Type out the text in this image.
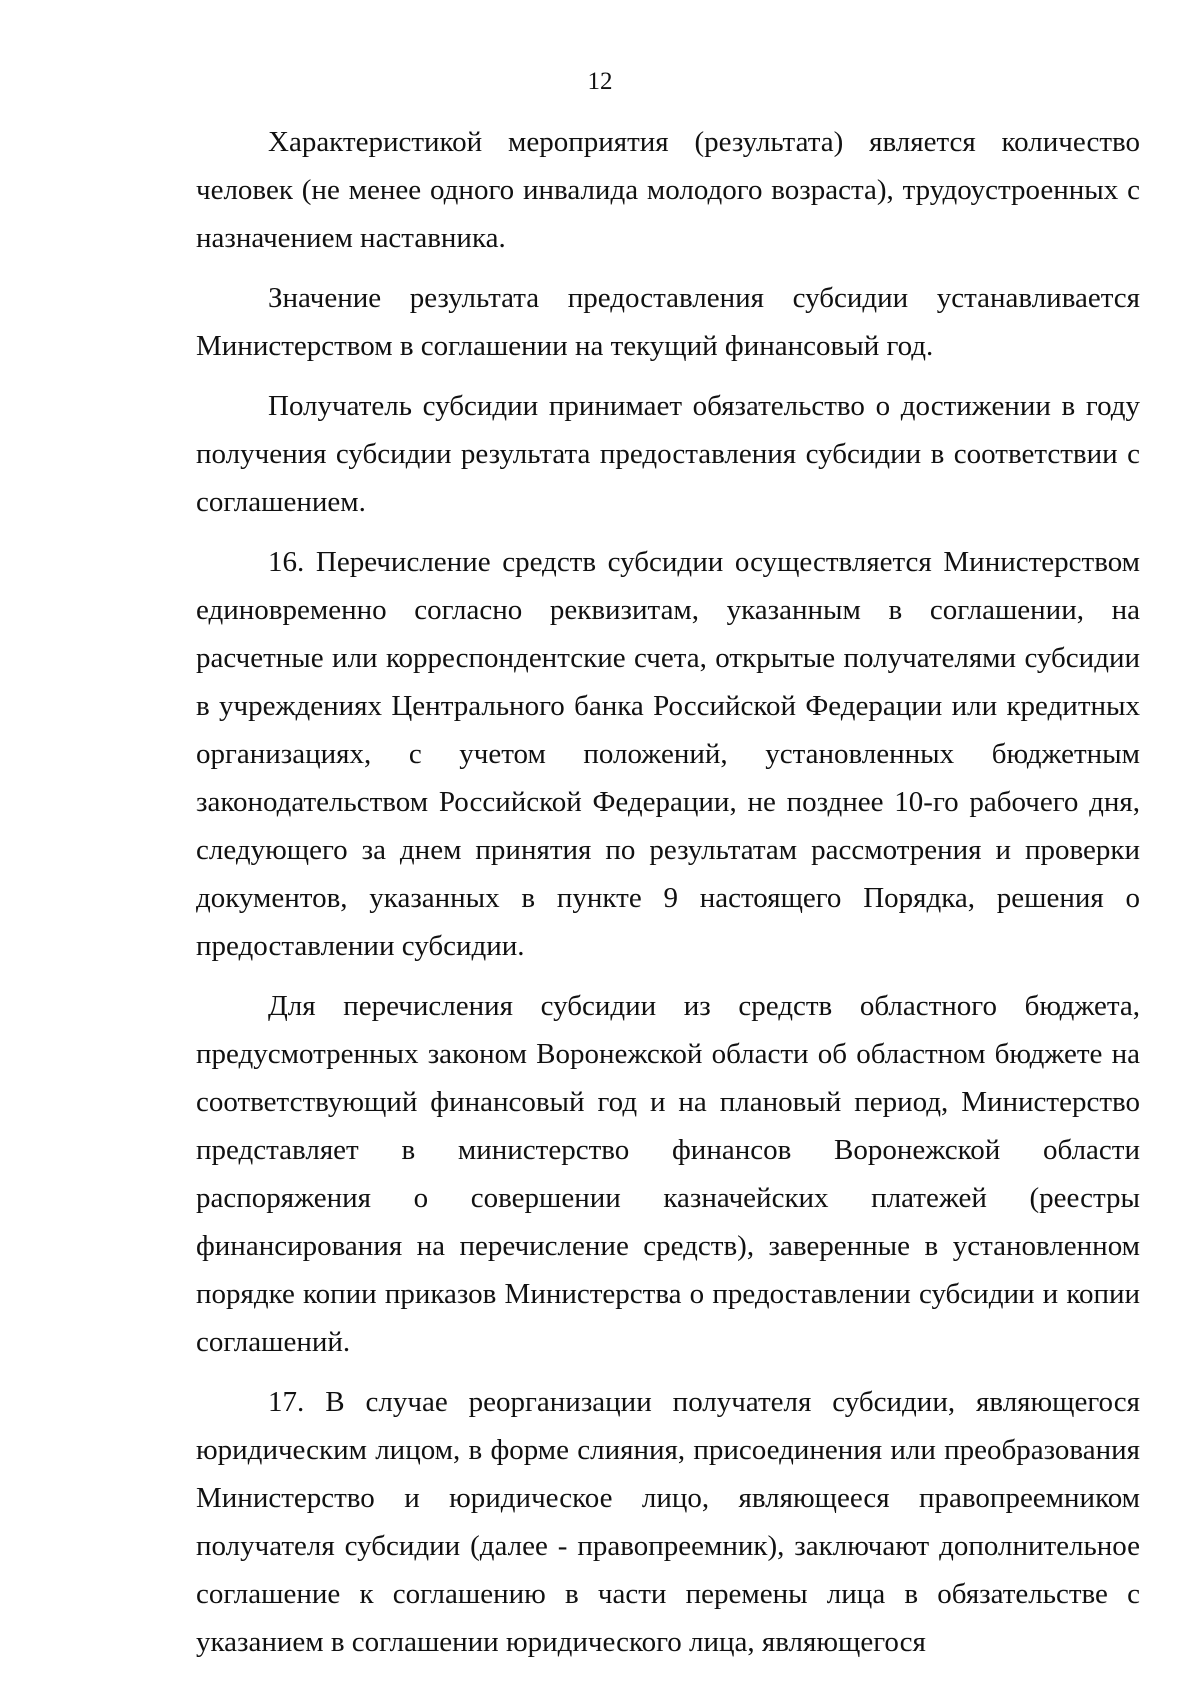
12

Характеристикой мероприятия (результата) является количество человек (не менее одного инвалида молодого возраста), трудоустроенных с назначением наставника.

Значение результата предоставления субсидии устанавливается Министерством в соглашении на текущий финансовый год.

Получатель субсидии принимает обязательство о достижении в году получения субсидии результата предоставления субсидии в соответствии с соглашением.

16. Перечисление средств субсидии осуществляется Министерством единовременно согласно реквизитам, указанным в соглашении, на расчетные или корреспондентские счета, открытые получателями субсидии в учреждениях Центрального банка Российской Федерации или кредитных организациях, с учетом положений, установленных бюджетным законодательством Российской Федерации, не позднее 10-го рабочего дня, следующего за днем принятия по результатам рассмотрения и проверки документов, указанных в пункте 9 настоящего Порядка, решения о предоставлении субсидии.

Для перечисления субсидии из средств областного бюджета, предусмотренных законом Воронежской области об областном бюджете на соответствующий финансовый год и на плановый период, Министерство представляет в министерство финансов Воронежской области распоряжения о совершении казначейских платежей (реестры финансирования на перечисление средств), заверенные в установленном порядке копии приказов Министерства о предоставлении субсидии и копии соглашений.

17. В случае реорганизации получателя субсидии, являющегося юридическим лицом, в форме слияния, присоединения или преобразования Министерство и юридическое лицо, являющееся правопреемником получателя субсидии (далее - правопреемник), заключают дополнительное соглашение к соглашению в части перемены лица в обязательстве с указанием в соглашении юридического лица, являющегося
